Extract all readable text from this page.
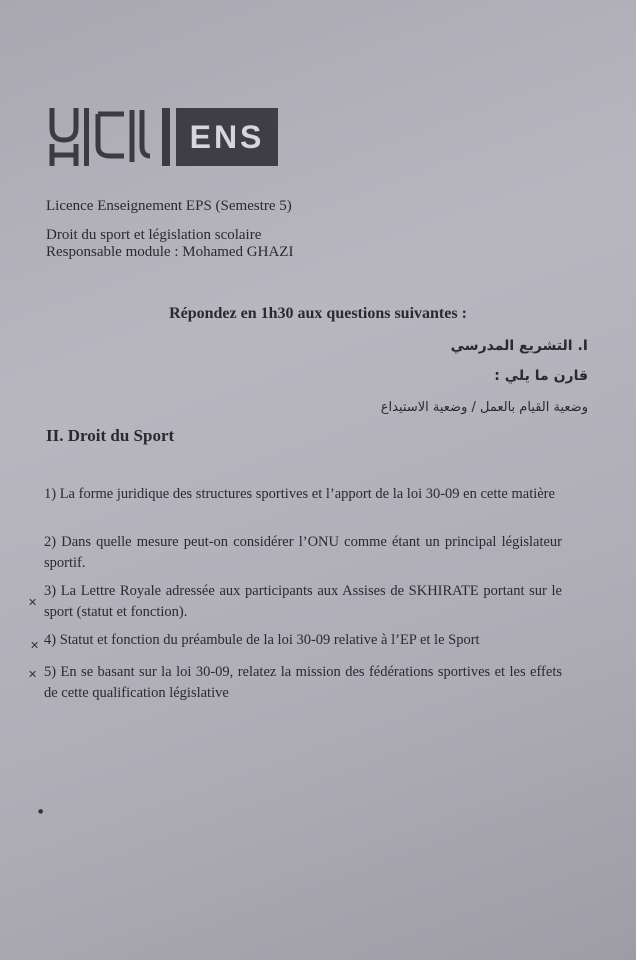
ENS
Licence Enseignement EPS (Semestre 5)
Droit du sport et législation scolaire
Responsable module : Mohamed GHAZI
Répondez en 1h30 aux questions suivantes :
I. التشريع المدرسي
قارن ما يلي :
وضعية القيام بالعمل / وضعية الاستيداع
II. Droit du Sport
1) La forme juridique des structures sportives et l’apport de la loi 30-09 en cette matière
2) Dans quelle mesure peut-on considérer l’ONU comme étant un principal législateur sportif.
3) La Lettre Royale adressée aux participants aux Assises de SKHIRATE portant sur le sport (statut et fonction).
4) Statut et fonction du préambule de la loi 30-09 relative à l’EP et le Sport
5) En se basant sur la loi 30-09, relatez la mission des fédérations sportives et les effets de cette qualification législative
✕
✕
✕
●
